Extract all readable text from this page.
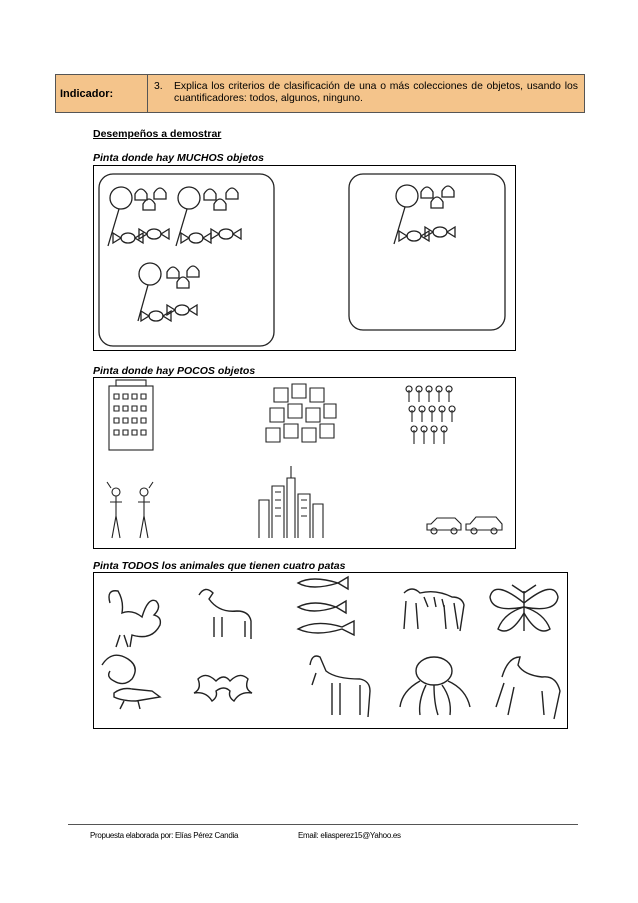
Indicador:
3.	Explica los criterios de clasificación de una o más colecciones de objetos, usando los cuantificadores: todos, algunos, ninguno.
Desempeños a demostrar
Pinta donde hay MUCHOS objetos
Pinta donde hay POCOS objetos
Pinta TODOS los animales que tienen cuatro patas
Propuesta elaborada por: Elías Pérez Candia	Email: eliasperez15@Yahoo.es
